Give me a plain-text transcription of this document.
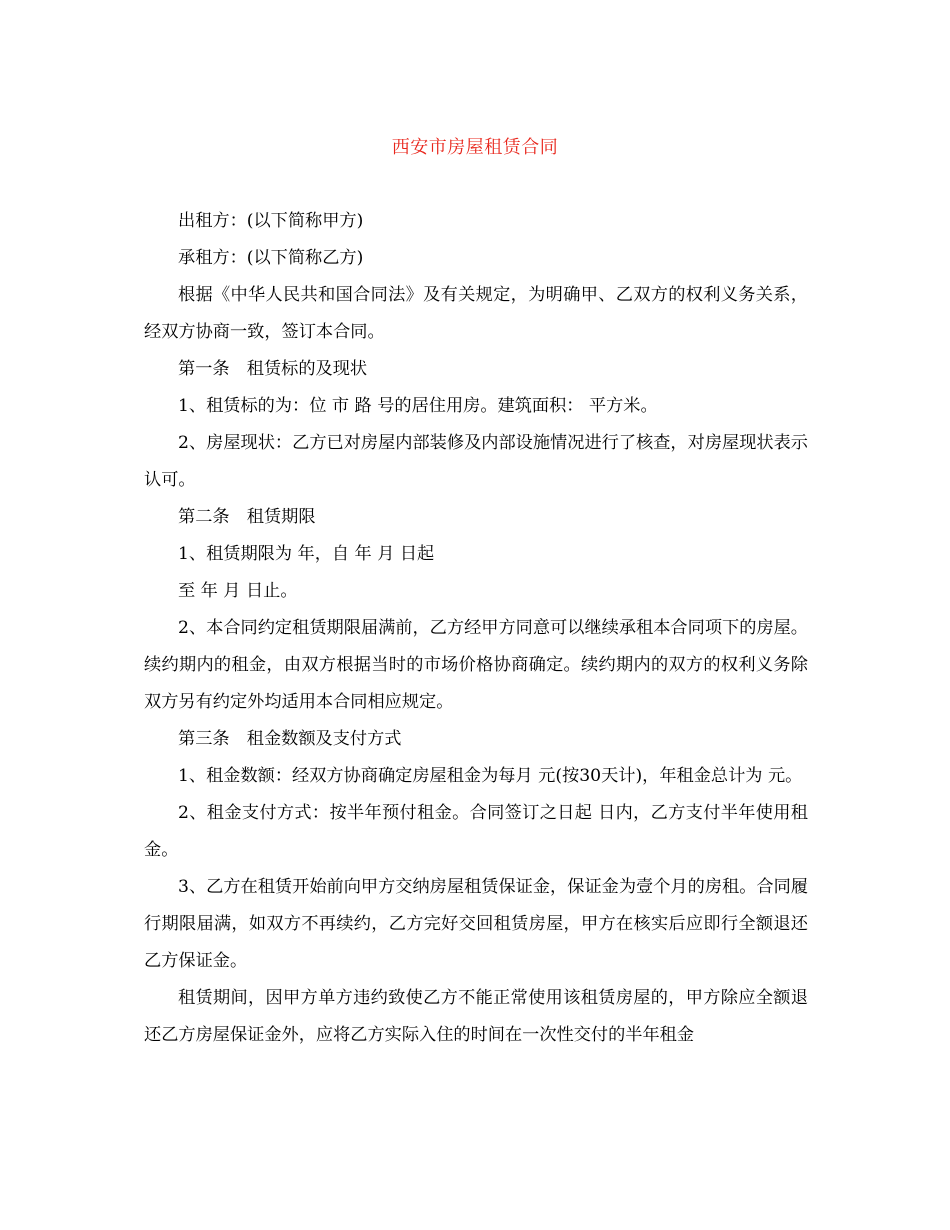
西安市房屋租赁合同

出租方：(以下简称甲方)

承租方：(以下简称乙方)

根据《中华人民共和国合同法》及有关规定，为明确甲、乙双方的权利义务关系，经双方协商一致，签订本合同。

第一条　租赁标的及现状

1、租赁标的为：位 市 路 号的居住用房。建筑面积： 平方米。

2、房屋现状：乙方已对房屋内部装修及内部设施情况进行了核查，对房屋现状表示认可。

第二条　租赁期限

1、租赁期限为 年，自 年 月 日起

至 年 月 日止。

2、本合同约定租赁期限届满前，乙方经甲方同意可以继续承租本合同项下的房屋。续约期内的租金，由双方根据当时的市场价格协商确定。续约期内的双方的权利义务除双方另有约定外均适用本合同相应规定。

第三条　租金数额及支付方式

1、租金数额：经双方协商确定房屋租金为每月 元(按30天计)，年租金总计为 元。

2、租金支付方式：按半年预付租金。合同签订之日起 日内，乙方支付半年使用租金。

3、乙方在租赁开始前向甲方交纳房屋租赁保证金，保证金为壹个月的房租。合同履行期限届满，如双方不再续约，乙方完好交回租赁房屋，甲方在核实后应即行全额退还乙方保证金。

租赁期间，因甲方单方违约致使乙方不能正常使用该租赁房屋的，甲方除应全额退还乙方房屋保证金外，应将乙方实际入住的时间在一次性交付的半年租金
